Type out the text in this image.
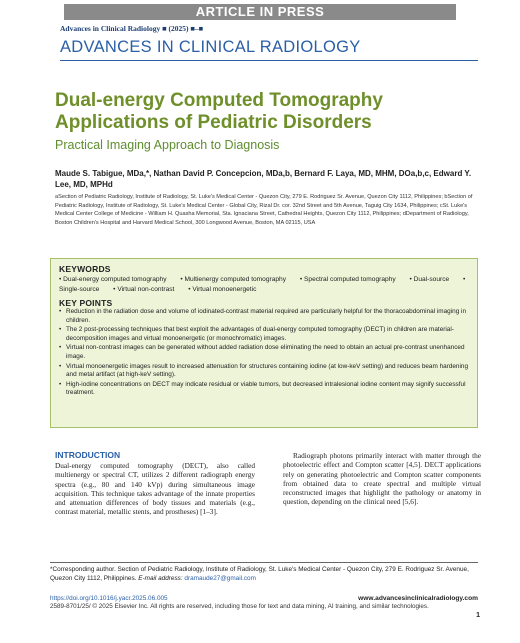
ARTICLE IN PRESS
Advances in Clinical Radiology ■ (2025) ■–■
ADVANCES IN CLINICAL RADIOLOGY
Dual-energy Computed Tomography Applications of Pediatric Disorders
Practical Imaging Approach to Diagnosis
Maude S. Tabigue, MDa,*, Nathan David P. Concepcion, MDa,b, Bernard F. Laya, MD, MHM, DOa,b,c, Edward Y. Lee, MD, MPHd
aSection of Pediatric Radiology, Institute of Radiology, St. Luke's Medical Center - Quezon City, 279 E. Rodriguez Sr. Avenue, Quezon City 1112, Philippines; bSection of Pediatric Radiology, Institute of Radiology, St. Luke's Medical Center - Global City, Rizal Dr. cor. 32nd Street and 5th Avenue, Taguig City 1634, Philippines; cSt. Luke's Medical Center College of Medicine - William H. Quasha Memorial, Sta. Ignaciana Street, Cathedral Heights, Quezon City 1112, Philippines; dDepartment of Radiology, Boston Children's Hospital and Harvard Medical School, 300 Longwood Avenue, Boston, MA 02115, USA
KEYWORDS
• Dual-energy computed tomography • Multienergy computed tomography • Spectral computed tomography • Dual-source • Single-source • Virtual non-contrast • Virtual monoenergetic
KEY POINTS
• Reduction in the radiation dose and volume of iodinated-contrast material required are particularly helpful for the thoracoabdominal imaging in children.
• The 2 post-processing techniques that best exploit the advantages of dual-energy computed tomography (DECT) in children are material-decomposition images and virtual monoenergetic (or monochromatic) images.
• Virtual non-contrast images can be generated without added radiation dose eliminating the need to obtain an actual pre-contrast unenhanced image.
• Virtual monoenergetic images result to increased attenuation for structures containing iodine (at low-keV setting) and reduces beam hardening and metal artifact (at high-keV setting).
• High-iodine concentrations on DECT may indicate residual or viable tumors, but decreased intralesional iodine content may signify successful treatment.
INTRODUCTION
Dual-energy computed tomography (DECT), also called multienergy or spectral CT, utilizes 2 different radiograph energy spectra (e.g., 80 and 140 kVp) during simultaneous image acquisition. This technique takes advantage of the innate properties and attenuation differences of body tissues and materials (e.g., contrast material, metallic stents, and prostheses) [1–3].
Radiograph photons primarily interact with matter through the photoelectric effect and Compton scatter [4,5]. DECT applications rely on generating photoelectric and Compton scatter components from obtained data to create spectral and multiple virtual reconstructed images that highlight the pathology or anatomy in question, depending on the clinical need [5,6].
*Corresponding author. Section of Pediatric Radiology, Institute of Radiology, St. Luke's Medical Center - Quezon City, 279 E. Rodriguez Sr. Avenue, Quezon City 1112, Philippines. E-mail address: dramaude27@gmail.com
https://doi.org/10.1016/j.yacr.2025.06.005	www.advancesinclinicalradiology.com
2589-8701/25/ © 2025 Elsevier Inc. All rights are reserved, including those for text and data mining, AI training, and similar technologies.
1
